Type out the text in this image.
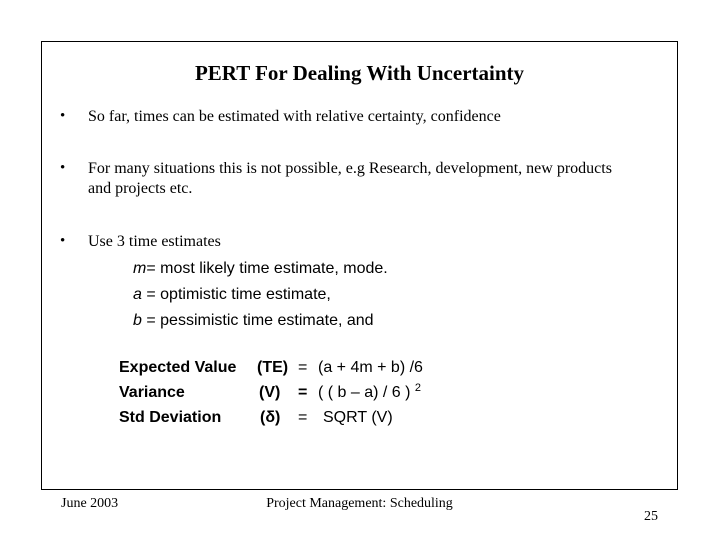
PERT For Dealing With Uncertainty
• So far, times can be estimated with relative certainty, confidence
• For many situations this is not possible, e.g Research, development, new products and projects etc.
• Use 3 time estimates
m= most likely time estimate, mode.
a = optimistic time estimate,
b = pessimistic time estimate, and
Expected Value (TE) = (a + 4m + b) /6
Variance	(V) = ( ( b – a) / 6 ) $^2$
Std Deviation (δ) = SQRT (V)
June 2003	Project Management: Scheduling
25
